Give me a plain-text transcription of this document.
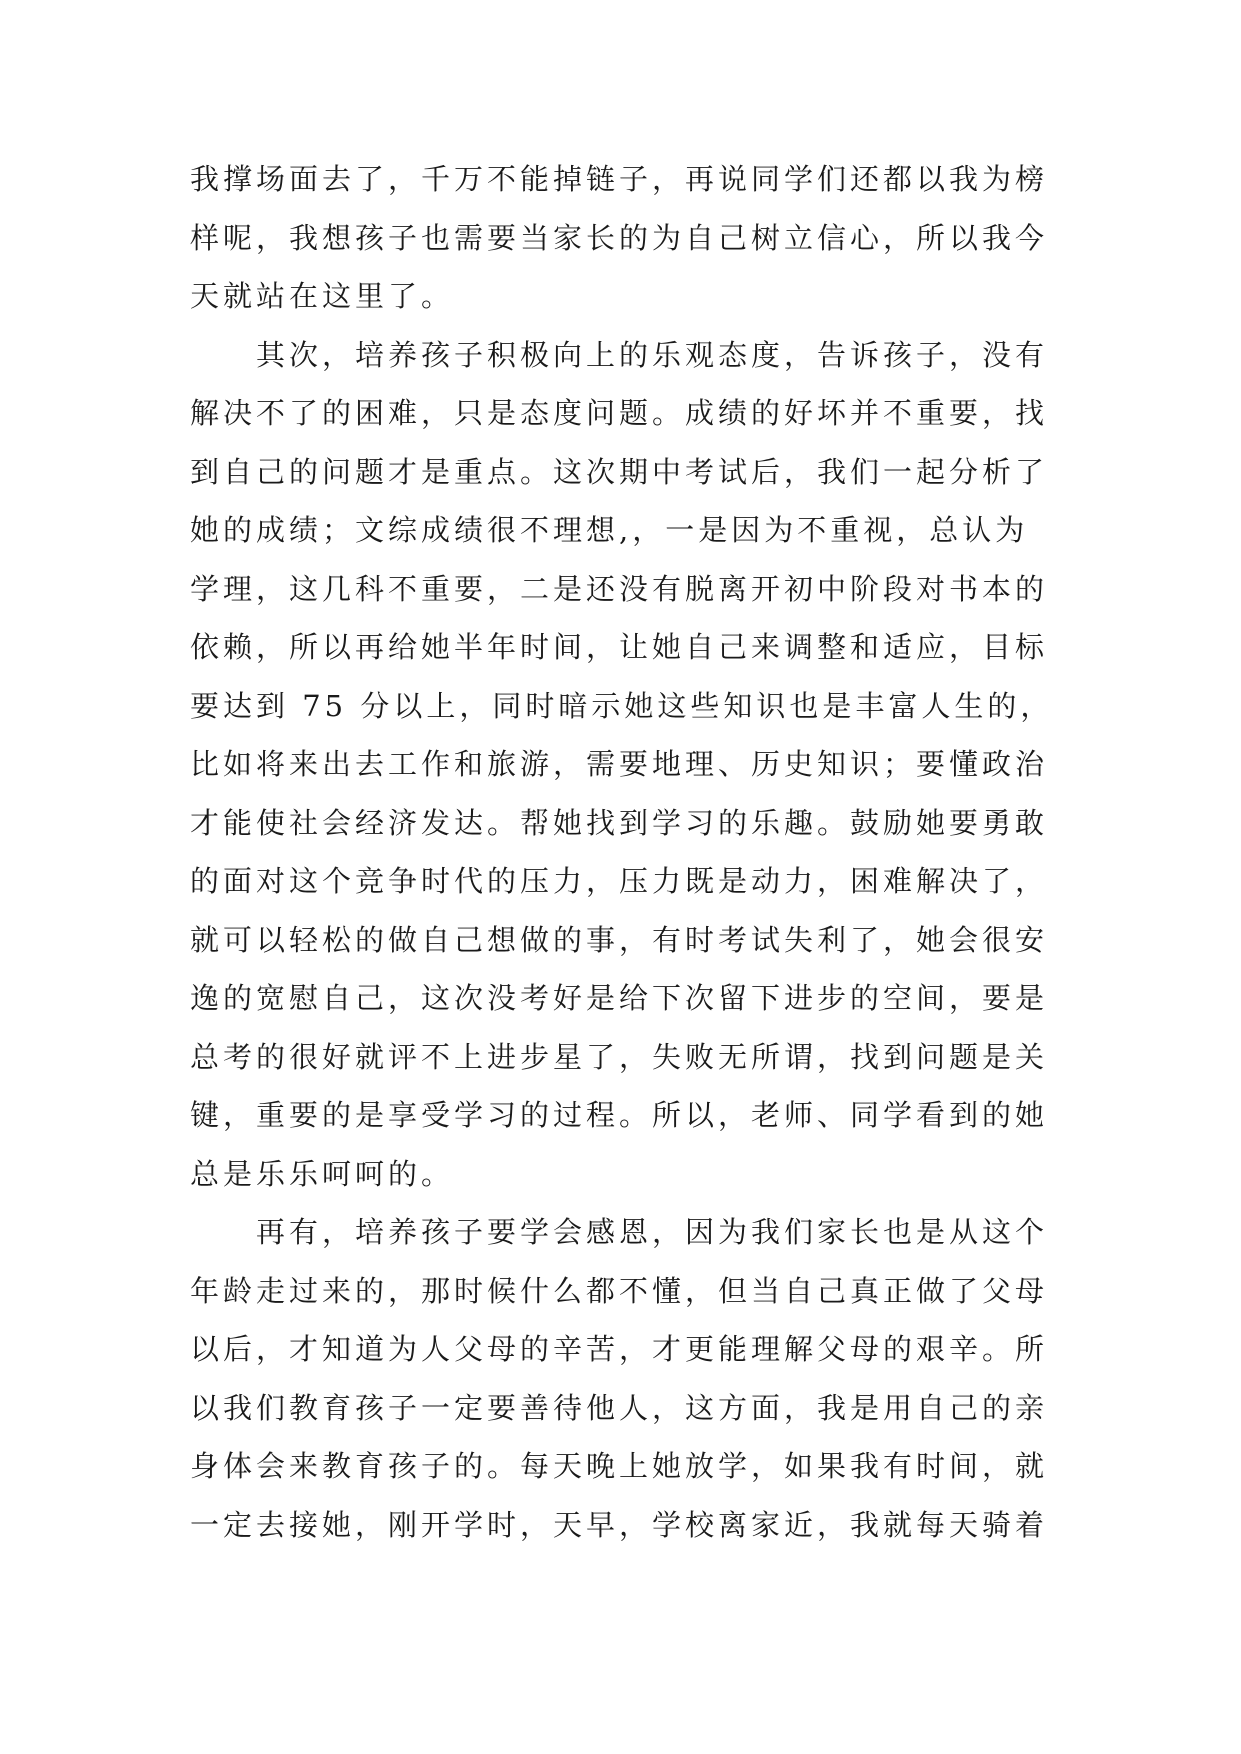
我撑场面去了，千万不能掉链子，再说同学们还都以我为榜
样呢，我想孩子也需要当家长的为自己树立信心，所以我今
天就站在这里了。
其次，培养孩子积极向上的乐观态度，告诉孩子，没有
解决不了的困难，只是态度问题。成绩的好坏并不重要，找
到自己的问题才是重点。这次期中考试后，我们一起分析了
她的成绩；文综成绩很不理想,，一是因为不重视，总认为
学理，这几科不重要，二是还没有脱离开初中阶段对书本的
依赖，所以再给她半年时间，让她自己来调整和适应，目标
要达到 75 分以上，同时暗示她这些知识也是丰富人生的，
比如将来出去工作和旅游，需要地理、历史知识；要懂政治
才能使社会经济发达。帮她找到学习的乐趣。鼓励她要勇敢
的面对这个竞争时代的压力，压力既是动力，困难解决了，
就可以轻松的做自己想做的事，有时考试失利了，她会很安
逸的宽慰自己，这次没考好是给下次留下进步的空间，要是
总考的很好就评不上进步星了，失败无所谓，找到问题是关
键，重要的是享受学习的过程。所以，老师、同学看到的她
总是乐乐呵呵的。
再有，培养孩子要学会感恩，因为我们家长也是从这个
年龄走过来的，那时候什么都不懂，但当自己真正做了父母
以后，才知道为人父母的辛苦，才更能理解父母的艰辛。所
以我们教育孩子一定要善待他人，这方面，我是用自己的亲
身体会来教育孩子的。每天晚上她放学，如果我有时间，就
一定去接她，刚开学时，天早，学校离家近，我就每天骑着
